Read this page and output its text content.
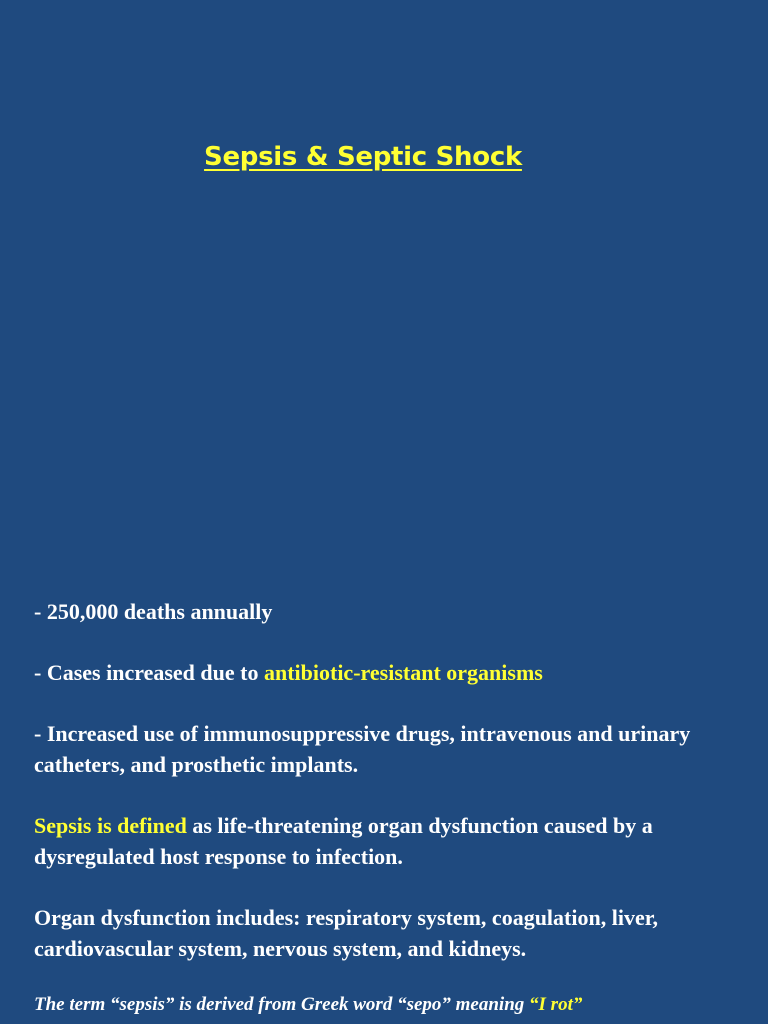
Sepsis & Septic Shock

- 250,000 deaths annually

- Cases increased due to antibiotic-resistant organisms

- Increased use of immunosuppressive drugs, intravenous and urinary catheters, and prosthetic implants.

Sepsis is defined as life-threatening organ dysfunction caused by a dysregulated host response to infection.

Organ dysfunction includes: respiratory system, coagulation, liver, cardiovascular system, nervous system, and kidneys.

The term “sepsis” is derived from Greek word “sepo” meaning “I rot”
